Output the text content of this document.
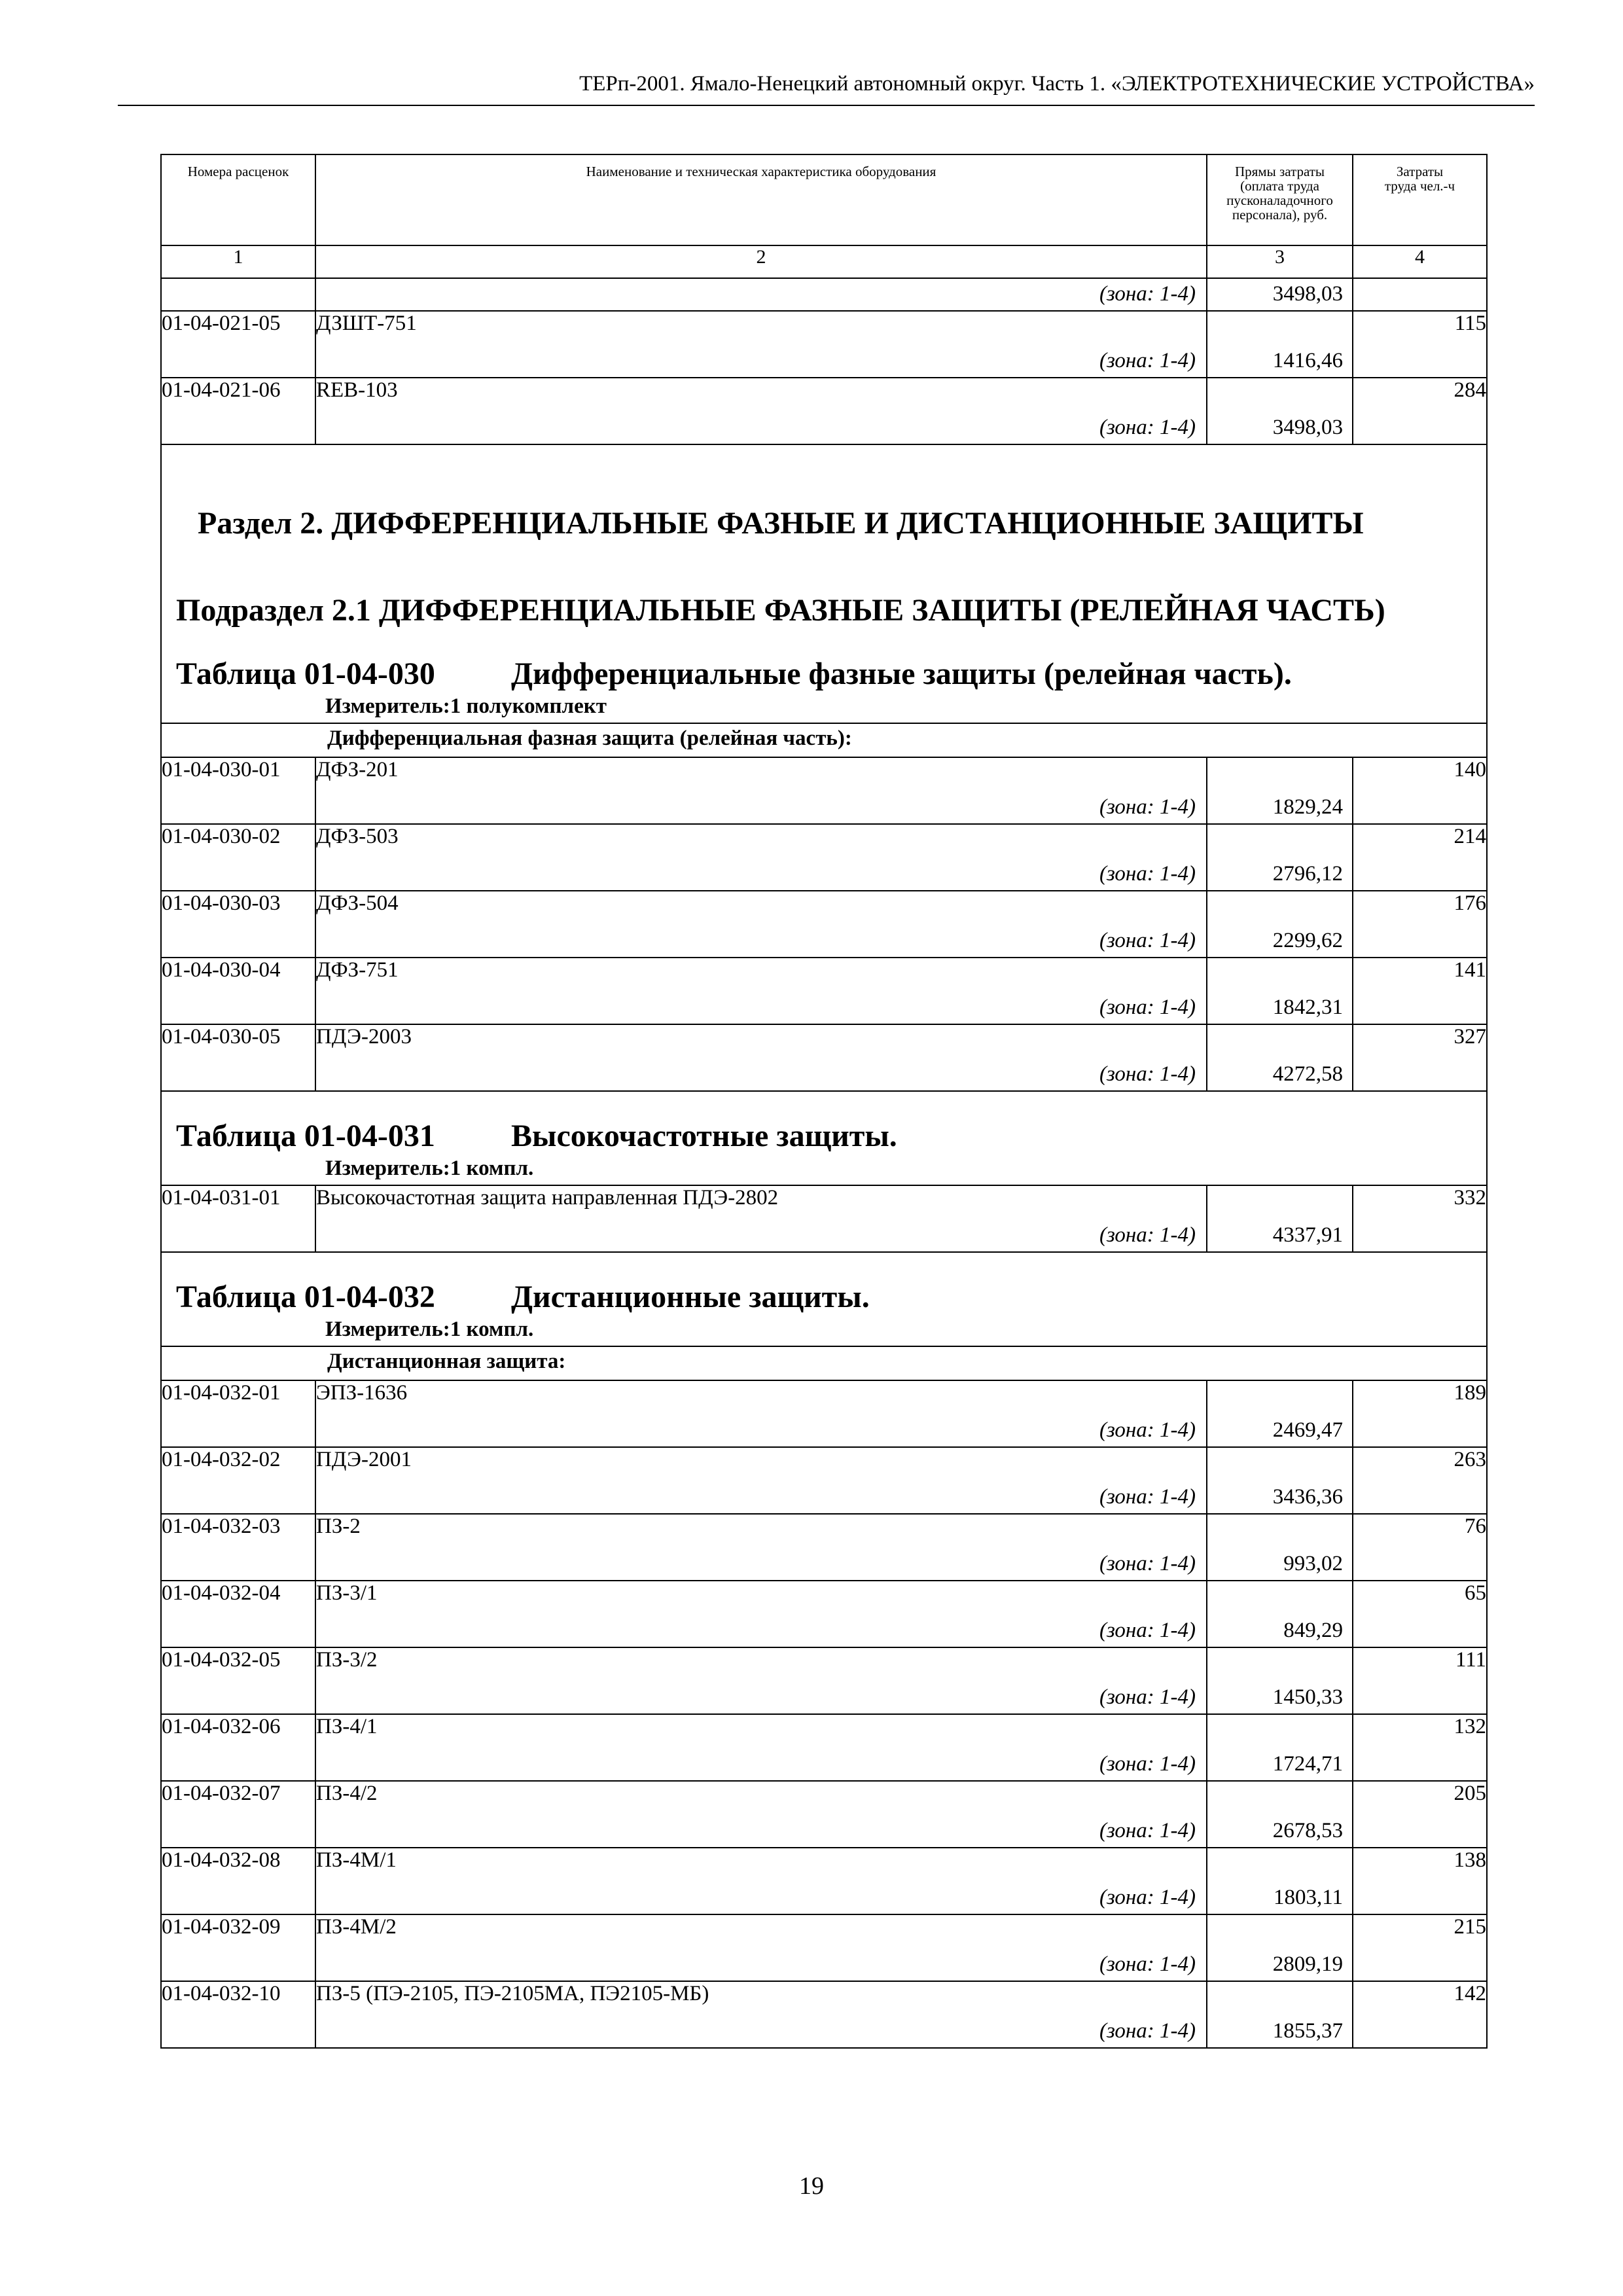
ТЕРп-2001. Ямало-Ненецкий автономный округ. Часть 1. «ЭЛЕКТРОТЕХНИЧЕСКИЕ УСТРОЙСТВА»
Номера расценок	Наименование и техническая характеристика оборудования	Прямы затраты (оплата труда пусконаладочного персонала), руб.	Затраты труда чел.-ч
1	2	3	4

	(зона: 1-4)	3498,03	

01-04-021-05	ДЗШТ-751
(зона: 1-4)	1416,46	115
01-04-021-06	REB-103
(зона: 1-4)	3498,03	284

Раздел 2. ДИФФЕРЕНЦИАЛЬНЫЕ ФАЗНЫЕ И ДИСТАНЦИОННЫЕ ЗАЩИТЫ
Подраздел 2.1 ДИФФЕРЕНЦИАЛЬНЫЕ ФАЗНЫЕ ЗАЩИТЫ (РЕЛЕЙНАЯ ЧАСТЬ)
Таблица 01-04-030 Дифференциальные фазные защиты (релейная часть).
Измеритель:1 полукомплект			

Дифференциальная фазная защита (релейная часть):			
01-04-030-01	ДФЗ-201
(зона: 1-4)	1829,24	140
01-04-030-02	ДФЗ-503
(зона: 1-4)	2796,12	214
01-04-030-03	ДФЗ-504
(зона: 1-4)	2299,62	176
01-04-030-04	ДФЗ-751
(зона: 1-4)	1842,31	141
01-04-030-05	ПДЭ-2003
(зона: 1-4)	4272,58	327

Таблица 01-04-031 Высокочастотные защиты.
Измеритель:1 компл.			

01-04-031-01	Высокочастотная защита направленная ПДЭ-2802
(зона: 1-4)	4337,91	332

Таблица 01-04-032 Дистанционные защиты.
Измеритель:1 компл.			

Дистанционная защита:			
01-04-032-01	ЭПЗ-1636
(зона: 1-4)	2469,47	189
01-04-032-02	ПДЭ-2001
(зона: 1-4)	3436,36	263
01-04-032-03	ПЗ-2
(зона: 1-4)	993,02	76
01-04-032-04	ПЗ-3/1
(зона: 1-4)	849,29	65
01-04-032-05	ПЗ-3/2
(зона: 1-4)	1450,33	111
01-04-032-06	ПЗ-4/1
(зона: 1-4)	1724,71	132
01-04-032-07	ПЗ-4/2
(зона: 1-4)	2678,53	205
01-04-032-08	ПЗ-4М/1
(зона: 1-4)	1803,11	138
01-04-032-09	ПЗ-4М/2
(зона: 1-4)	2809,19	215
01-04-032-10	ПЗ-5 (ПЭ-2105, ПЭ-2105МА, ПЭ2105-МБ)
(зона: 1-4)	1855,37	142
19
